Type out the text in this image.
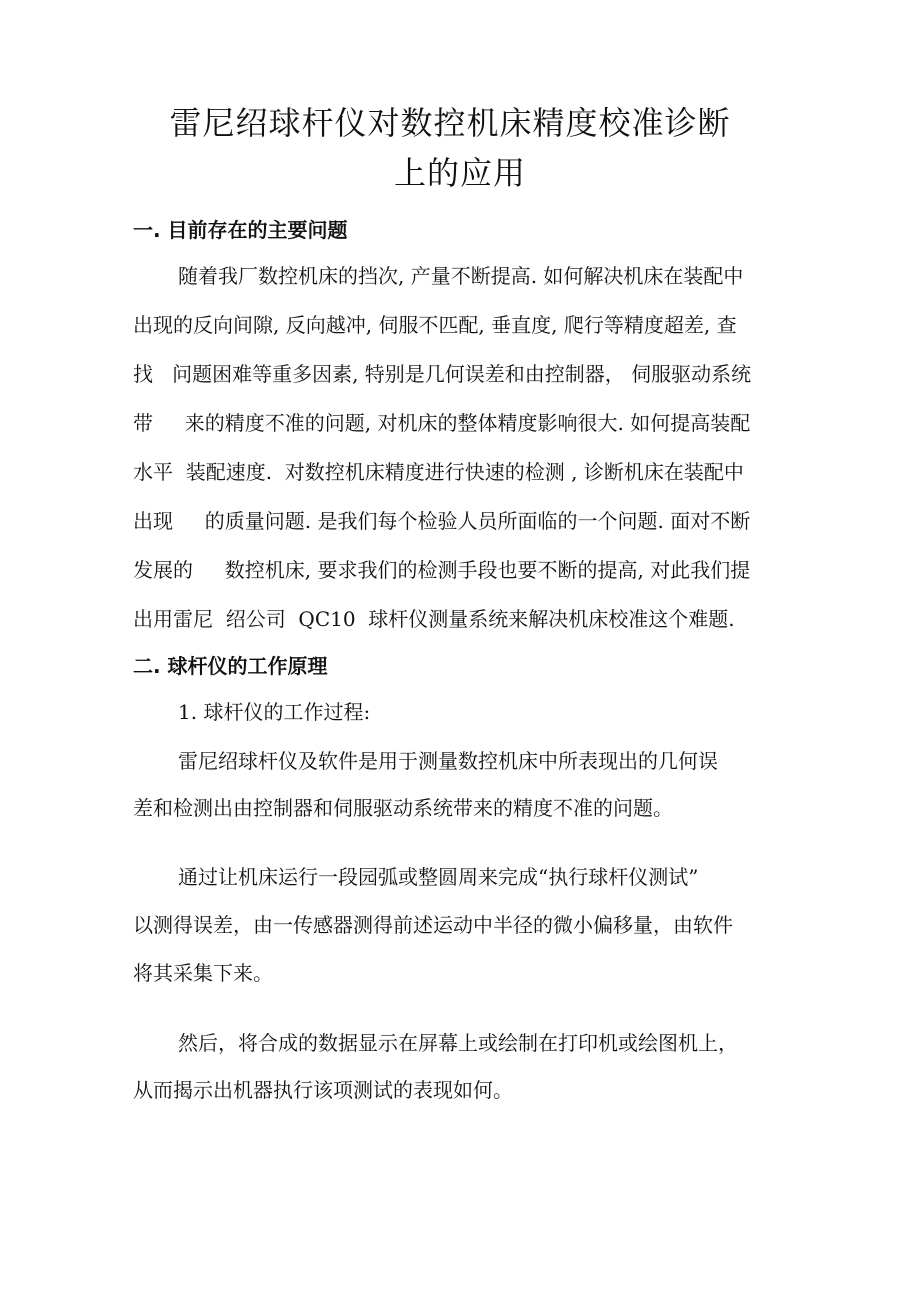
雷尼绍球杆仪对数控机床精度校准诊断
上的应用
一. 目前存在的主要问题
随着我厂数控机床的挡次, 产量不断提高. 如何解决机床在装配中
出现的反向间隙, 反向越冲, 伺服不匹配, 垂直度, 爬行等精度超差, 查
找   问题困难等重多因素, 特别是几何误差和由控制器， 伺服驱动系统
带     来的精度不准的问题, 对机床的整体精度影响很大. 如何提高装配
水平  装配速度.  对数控机床精度进行快速的检测 , 诊断机床在装配中
出现     的质量问题. 是我们每个检验人员所面临的一个问题. 面对不断
发展的     数控机床, 要求我们的检测手段也要不断的提高, 对此我们提
出用雷尼  绍公司  QC10  球杆仪测量系统来解决机床校准这个难题.
二. 球杆仪的工作原理
1. 球杆仪的工作过程:
雷尼绍球杆仪及软件是用于测量数控机床中所表现出的几何误
差和检测出由控制器和伺服驱动系统带来的精度不准的问题。
通过让机床运行一段园弧或整圆周来完成“执行球杆仪测试”
以测得误差，由一传感器测得前述运动中半径的微小偏移量，由软件
将其采集下来。
然后，将合成的数据显示在屏幕上或绘制在打印机或绘图机上，
从而揭示出机器执行该项测试的表现如何。
